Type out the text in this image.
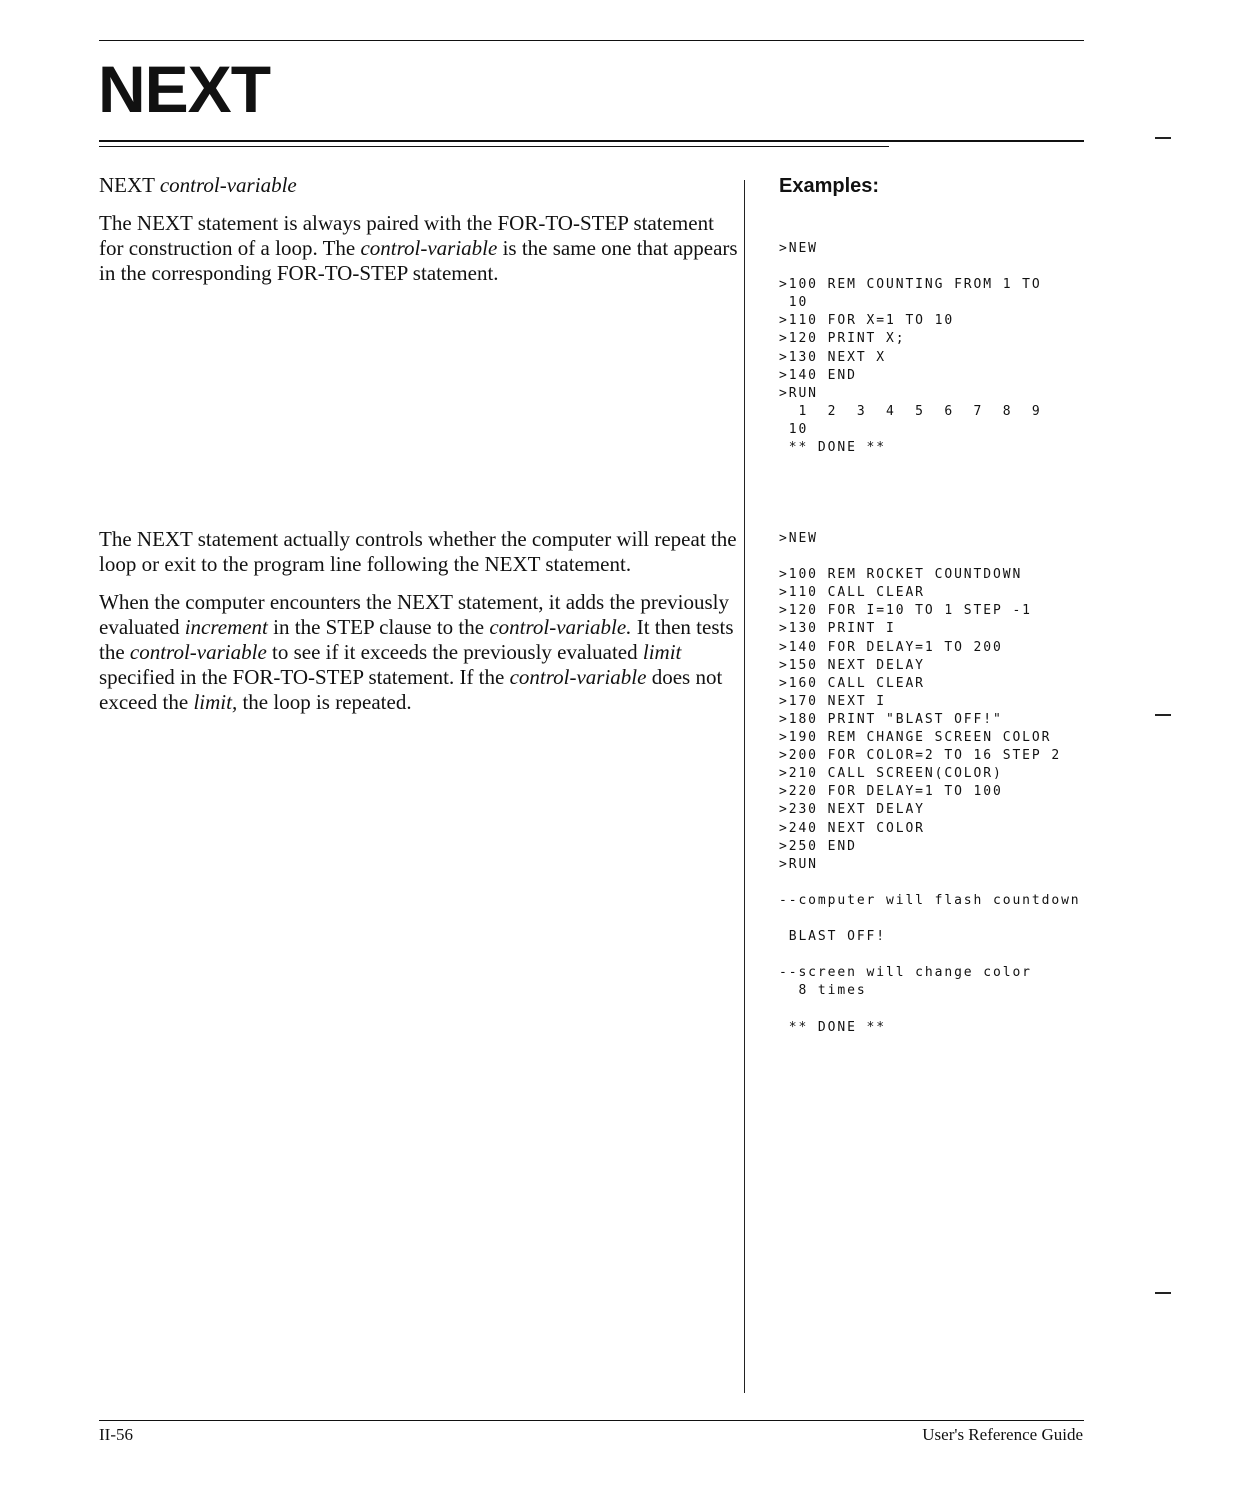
NEXT

NEXT control-variable

The NEXT statement is always paired with the FOR-TO-STEP statement for construction of a loop. The control-variable is the same one that appears in the corresponding FOR-TO-STEP statement.

The NEXT statement actually controls whether the computer will repeat the loop or exit to the program line following the NEXT statement.

When the computer encounters the NEXT statement, it adds the previously evaluated increment in the STEP clause to the control-variable. It then tests the control-variable to see if it exceeds the previously evaluated limit specified in the FOR-TO-STEP statement. If the control-variable does not exceed the limit, the loop is repeated.

Examples:
>NEW
>100 REM COUNTING FROM 1 TO
10
>110 FOR X=1 TO 10
>120 PRINT X;
>130 NEXT X
>140 END
>RUN
1  2  3  4  5  6  7  8  9
10
** DONE **
>NEW
>100 REM ROCKET COUNTDOWN
>110 CALL CLEAR
>120 FOR I=10 TO 1 STEP -1
>130 PRINT I
>140 FOR DELAY=1 TO 200
>150 NEXT DELAY
>160 CALL CLEAR
>170 NEXT I
>180 PRINT "BLAST OFF!"
>190 REM CHANGE SCREEN COLOR
>200 FOR COLOR=2 TO 16 STEP 2
>210 CALL SCREEN(COLOR)
>220 FOR DELAY=1 TO 100
>230 NEXT DELAY
>240 NEXT COLOR
>250 END
>RUN
--computer will flash countdown
BLAST OFF!
--screen will change color
8 times
** DONE **
II-56	User's Reference Guide
